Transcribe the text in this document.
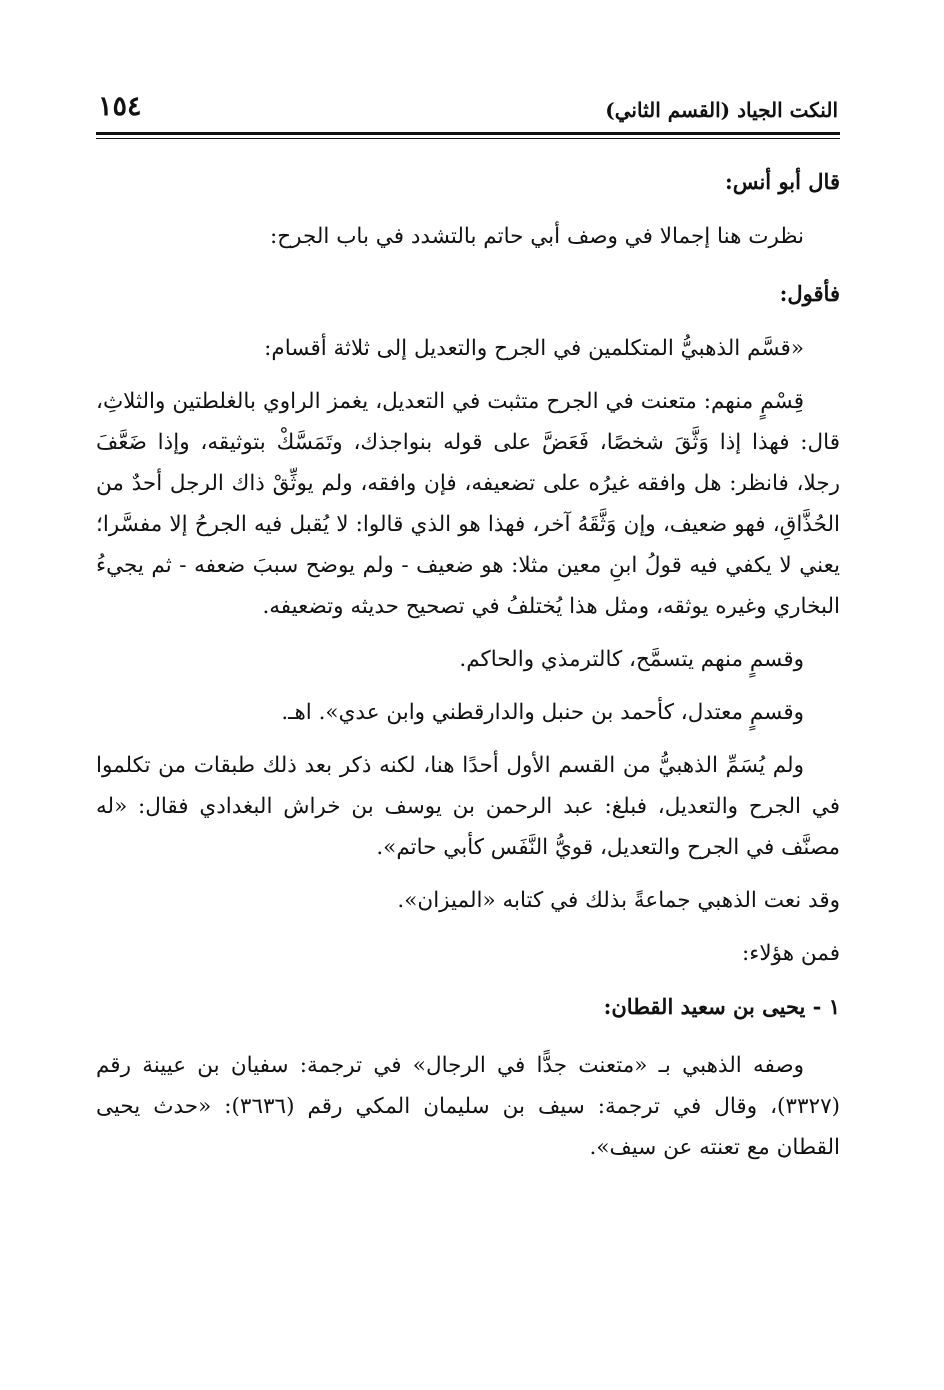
النكت الجياد (القسم الثاني)
١٥٤

قال أبو أنس:

نظرت هنا إجمالا في وصف أبي حاتم بالتشدد في باب الجرح:

فأقول:

«قسَّم الذهبيُّ المتكلمين في الجرح والتعديل إلى ثلاثة أقسام:

قِسْمٍ منهم: متعنت في الجرح متثبت في التعديل، يغمز الراوي بالغلطتين والثلاثِ، قال: فهذا إذا وَثَّقَ شخصًا، فَعَضَّ على قوله بنواجذك، وتَمَسَّكْ بتوثيقه، وإذا ضَعَّفَ رجلا، فانظر: هل وافقه غيرُه على تضعيفه، فإن وافقه، ولم يوثِّقْ ذاك الرجل أحدٌ من الحُذَّاقِ، فهو ضعيف، وإن وَثَّقَهُ آخر، فهذا هو الذي قالوا: لا يُقبل فيه الجرحُ إلا مفسَّرا؛ يعني لا يكفي فيه قولُ ابنِ معين مثلا: هو ضعيف - ولم يوضح سببَ ضعفه - ثم يجيءُ البخاري وغيره يوثقه، ومثل هذا يُختلفُ في تصحيح حديثه وتضعيفه.

وقسمٍ منهم يتسمَّح، كالترمذي والحاكم.

وقسمٍ معتدل، كأحمد بن حنبل والدارقطني وابن عدي». اهـ.

ولم يُسَمِّ الذهبيُّ من القسم الأول أحدًا هنا، لكنه ذكر بعد ذلك طبقات من تكلموا في الجرح والتعديل، فبلغ: عبد الرحمن بن يوسف بن خراش البغدادي فقال: «له مصنَّف في الجرح والتعديل، قويُّ النَّفَس كأبي حاتم».

وقد نعت الذهبي جماعةً بذلك في كتابه «الميزان».

فمن هؤلاء:

١ - يحيى بن سعيد القطان:

وصفه الذهبي بـ «متعنت جدًّا في الرجال» في ترجمة: سفيان بن عيينة رقم (٣٣٢٧)، وقال في ترجمة: سيف بن سليمان المكي رقم (٣٦٣٦): «حدث يحيى القطان مع تعنته عن سيف».
